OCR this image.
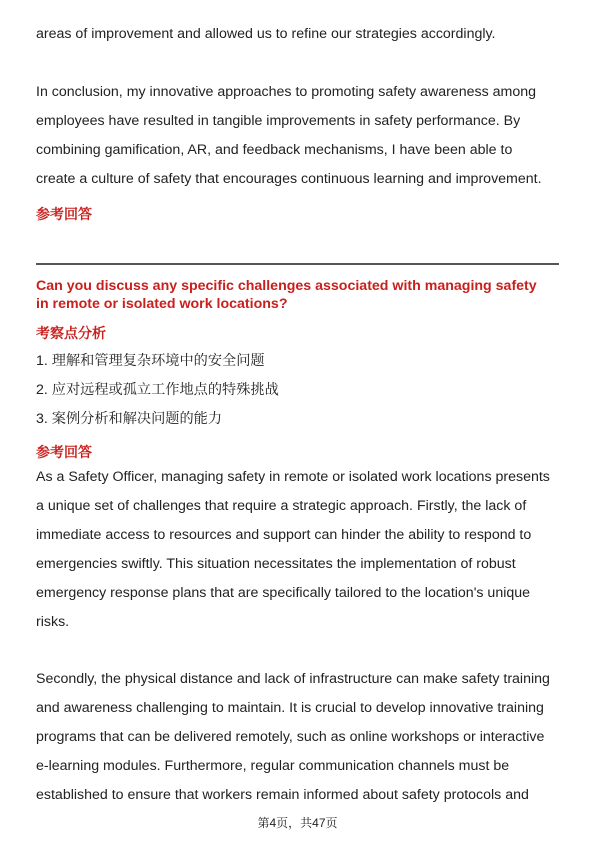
areas of improvement and allowed us to refine our strategies accordingly.

In conclusion, my innovative approaches to promoting safety awareness among
employees have resulted in tangible improvements in safety performance. By
combining gamification, AR, and feedback mechanisms, I have been able to
create a culture of safety that encourages continuous learning and improvement.

参考回答

Can you discuss any specific challenges associated with managing safety
in remote or isolated work locations?

考察点分析

1. 理解和管理复杂环境中的安全问题

2. 应对远程或孤立工作地点的特殊挑战

3. 案例分析和解决问题的能力

参考回答

As a Safety Officer, managing safety in remote or isolated work locations presents
a unique set of challenges that require a strategic approach. Firstly, the lack of
immediate access to resources and support can hinder the ability to respond to
emergencies swiftly. This situation necessitates the implementation of robust
emergency response plans that are specifically tailored to the location's unique
risks.

Secondly, the physical distance and lack of infrastructure can make safety training
and awareness challenging to maintain. It is crucial to develop innovative training
programs that can be delivered remotely, such as online workshops or interactive
e-learning modules. Furthermore, regular communication channels must be
established to ensure that workers remain informed about safety protocols and

第4页，共47页
